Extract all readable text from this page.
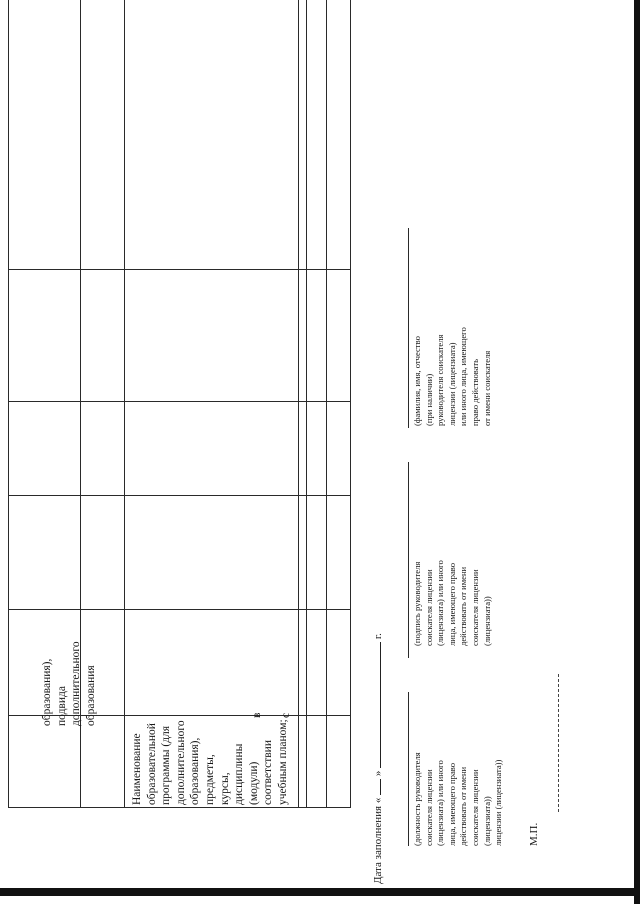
образования), подвида дополнительного образования
Наименование образовательной программы (для дополнительного образования), предметы, курсы, дисциплины (модули) соответствии учебным планом;
в с
Дата заполнения «  »  г.
(должность руководителя соискателя лицензии (лицензиата) или иного лица, имеющего право действовать от имени соискателя лицензии (лицензиата)) лицензии (лицензиата))
(подпись руководителя соискателя лицензии (лицензиата) или иного лица, имеющего право действовать от имени соискателя лицензии (лицензиата))
(фамилия, имя, отчество (при наличии) руководителя соискателя лицензии (лицензиата) или иного лица, имеющего право действовать от имени соискателя
М.П.
